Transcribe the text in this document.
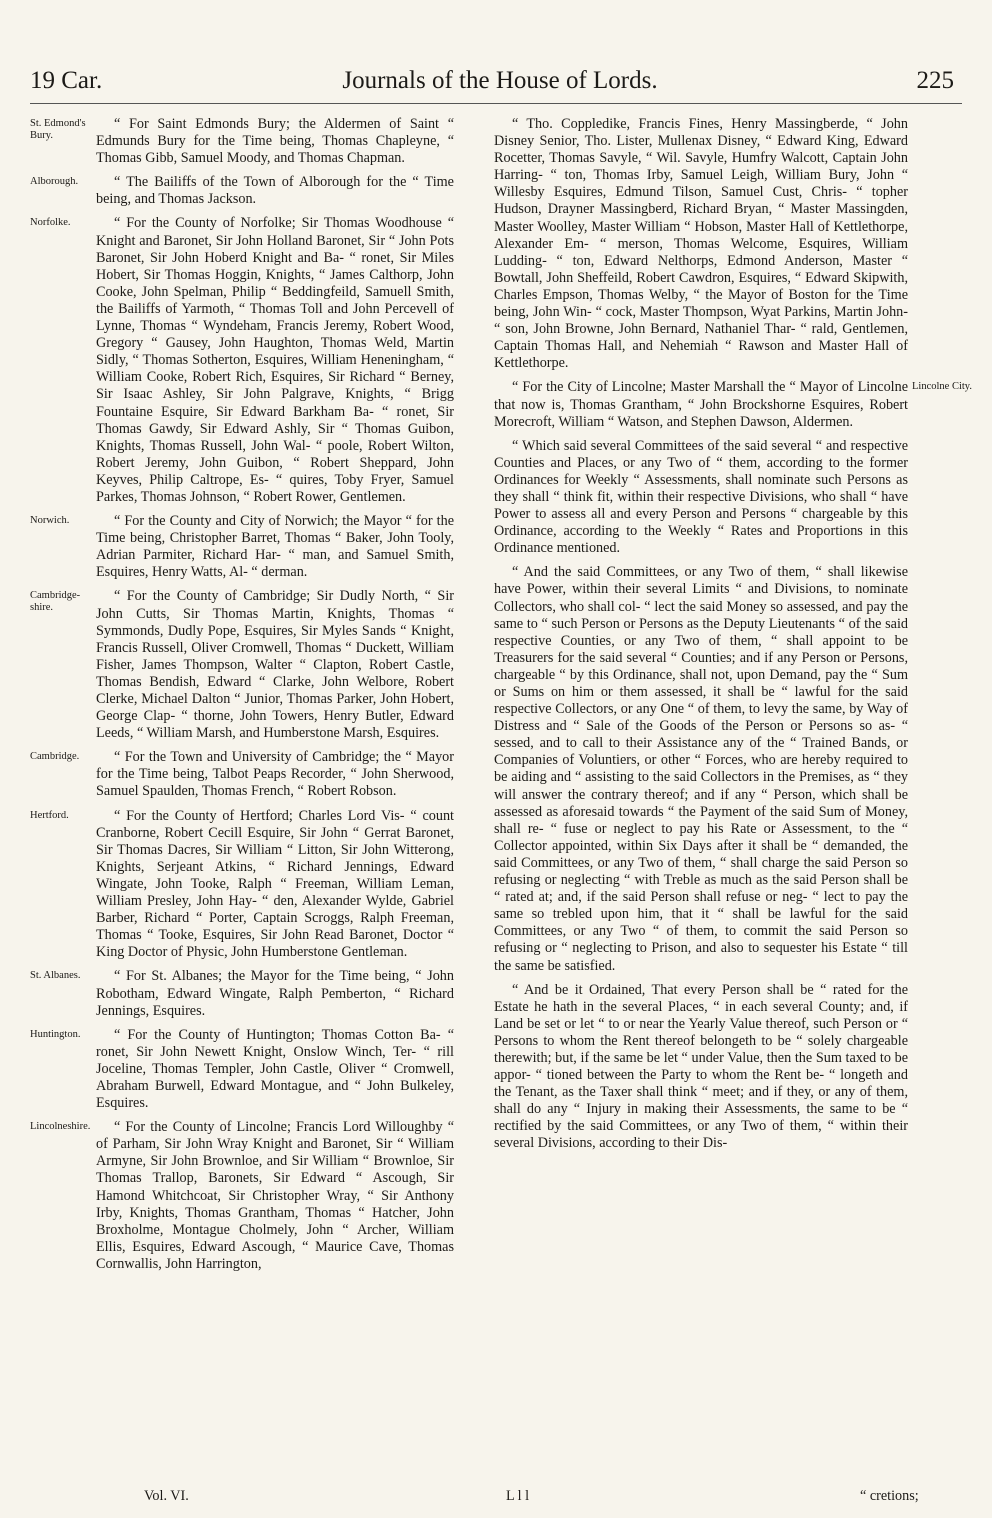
19 Car.	Journals of the House of Lords.	225
St. Edmond's Bury.
“ For Saint Edmonds Bury; the Aldermen of Saint “ Edmunds Bury for the Time being, Thomas Chapleyne, “ Thomas Gibb, Samuel Moody, and Thomas Chapman.
Alborough.	“ The Bailiffs of the Town of Alborough for the “ Time being, and Thomas Jackson.
Norfolke.	“ For the County of Norfolke; Sir Thomas Woodhouse “ Knight and Baronet, Sir John Holland Baronet, Sir “ John Pots Baronet, Sir John Hoberd Knight and Ba- “ ronet, Sir Miles Hobert, Sir Thomas Hoggin, Knights, “ James Calthorp, John Cooke, John Spelman, Philip “ Beddingfeild, Samuell Smith, the Bailiffs of Yarmoth, “ Thomas Toll and John Percevell of Lynne, Thomas “ Wyndeham, Francis Jeremy, Robert Wood, Gregory “ Gausey, John Haughton, Thomas Weld, Martin Sidly, “ Thomas Sotherton, Esquires, William Heneningham, “ William Cooke, Robert Rich, Esquires, Sir Richard “ Berney, Sir Isaac Ashley, Sir John Palgrave, Knights, “ Brigg Fountaine Esquire, Sir Edward Barkham Ba- “ ronet, Sir Thomas Gawdy, Sir Edward Ashly, Sir “ Thomas Guibon, Knights, Thomas Russell, John Wal- “ poole, Robert Wilton, Robert Jeremy, John Guibon, “ Robert Sheppard, John Keyves, Philip Caltrope, Es- “ quires, Toby Fryer, Samuel Parkes, Thomas Johnson, “ Robert Rower, Gentlemen.
Norwich.	“ For the County and City of Norwich; the Mayor “ for the Time being, Christopher Barret, Thomas “ Baker, John Tooly, Adrian Parmiter, Richard Har- “ man, and Samuel Smith, Esquires, Henry Watts, Al- “ derman.
Cambridge-shire.
“ For the County of Cambridge; Sir Dudly North, “ Sir John Cutts, Sir Thomas Martin, Knights, Thomas “ Symmonds, Dudly Pope, Esquires, Sir Myles Sands “ Knight, Francis Russell, Oliver Cromwell, Thomas “ Duckett, William Fisher, James Thompson, Walter “ Clapton, Robert Castle, Thomas Bendish, Edward “ Clarke, John Welbore, Robert Clerke, Michael Dalton “ Junior, Thomas Parker, John Hobert, George Clap- “ thorne, John Towers, Henry Butler, Edward Leeds, “ William Marsh, and Humberstone Marsh, Esquires.
Cambridge.	“ For the Town and University of Cambridge; the “ Mayor for the Time being, Talbot Peaps Recorder, “ John Sherwood, Samuel Spaulden, Thomas French, “ Robert Robson.
Hertford.	“ For the County of Hertford; Charles Lord Vis- “ count Cranborne, Robert Cecill Esquire, Sir John “ Gerrat Baronet, Sir Thomas Dacres, Sir William “ Litton, Sir John Witterong, Knights, Serjeant Atkins, “ Richard Jennings, Edward Wingate, John Tooke, Ralph “ Freeman, William Leman, William Presley, John Hay- “ den, Alexander Wylde, Gabriel Barber, Richard “ Porter, Captain Scroggs, Ralph Freeman, Thomas “ Tooke, Esquires, Sir John Read Baronet, Doctor “ King Doctor of Physic, John Humberstone Gentleman.
St. Albanes.	“ For St. Albanes; the Mayor for the Time being, “ John Robotham, Edward Wingate, Ralph Pemberton, “ Richard Jennings, Esquires.
Huntington.	“ For the County of Huntington; Thomas Cotton Ba- “ ronet, Sir John Newett Knight, Onslow Winch, Ter- “ rill Joceline, Thomas Templer, John Castle, Oliver “ Cromwell, Abraham Burwell, Edward Montague, and “ John Bulkeley, Esquires.
Lincolneshire. “ For the County of Lincolne; Francis Lord Willoughby “ of Parham, Sir John Wray Knight and Baronet, Sir “ William Armyne, Sir John Brownloe, and Sir William “ Brownloe, Sir Thomas Trallop, Baronets, Sir Edward “ Ascough, Sir Hamond Whitchcoat, Sir Christopher Wray, “ Sir Anthony Irby, Knights, Thomas Grantham, Thomas “ Hatcher, John Broxholme, Montague Cholmely, John “ Archer, William Ellis, Esquires, Edward Ascough, “ Maurice Cave, Thomas Cornwallis, John Harrington,
“ Tho. Coppledike, Francis Fines, Henry Massingberde, “ John Disney Senior, Tho. Lister, Mullenax Disney, “ Edward King, Edward Rocetter, Thomas Savyle, “ Wil. Savyle, Humfry Walcott, Captain John Harring- “ ton, Thomas Irby, Samuel Leigh, William Bury, John “ Willesby Esquires, Edmund Tilson, Samuel Cust, Chris- “ topher Hudson, Drayner Massingberd, Richard Bryan, “ Master Massingden, Master Woolley, Master William “ Hobson, Master Hall of Kettlethorpe, Alexander Em- “ merson, Thomas Welcome, Esquires, William Ludding- “ ton, Edward Nelthorps, Edmond Anderson, Master “ Bowtall, John Sheffeild, Robert Cawdron, Esquires, “ Edward Skipwith, Charles Empson, Thomas Welby, “ the Mayor of Boston for the Time being, John Win- “ cock, Master Thompson, Wyat Parkins, Martin John- “ son, John Browne, John Bernard, Nathaniel Thar- “ rald, Gentlemen, Captain Thomas Hall, and Nehemiah “ Rawson and Master Hall of Kettlethorpe.
Lincolne City.
“ For the City of Lincolne; Master Marshall the “ Mayor of Lincolne that now is, Thomas Grantham, “ John Brockshorne Esquires, Robert Morecroft, William “ Watson, and Stephen Dawson, Aldermen.
“ Which said several Committees of the said several “ and respective Counties and Places, or any Two of “ them, according to the former Ordinances for Weekly “ Assessments, shall nominate such Persons as they shall “ think fit, within their respective Divisions, who shall “ have Power to assess all and every Person and Persons “ chargeable by this Ordinance, according to the Weekly “ Rates and Proportions in this Ordinance mentioned.
“ And the said Committees, or any Two of them, “ shall likewise have Power, within their several Limits “ and Divisions, to nominate Collectors, who shall col- “ lect the said Money so assessed, and pay the same to “ such Person or Persons as the Deputy Lieutenants “ of the said respective Counties, or any Two of them, “ shall appoint to be Treasurers for the said several “ Counties; and if any Person or Persons, chargeable “ by this Ordinance, shall not, upon Demand, pay the “ Sum or Sums on him or them assessed, it shall be “ lawful for the said respective Collectors, or any One “ of them, to levy the same, by Way of Distress and “ Sale of the Goods of the Person or Persons so as- “ sessed, and to call to their Assistance any of the “ Trained Bands, or Companies of Voluntiers, or other “ Forces, who are hereby required to be aiding and “ assisting to the said Collectors in the Premises, as “ they will answer the contrary thereof; and if any “ Person, which shall be assessed as aforesaid towards “ the Payment of the said Sum of Money, shall re- “ fuse or neglect to pay his Rate or Assessment, to the “ Collector appointed, within Six Days after it shall be “ demanded, the said Committees, or any Two of them, “ shall charge the said Person so refusing or neglecting “ with Treble as much as the said Person shall be “ rated at; and, if the said Person shall refuse or neg- “ lect to pay the same so trebled upon him, that it “ shall be lawful for the said Committees, or any Two “ of them, to commit the said Person so refusing or “ neglecting to Prison, and also to sequester his Estate “ till the same be satisfied.
“ And be it Ordained, That every Person shall be “ rated for the Estate he hath in the several Places, “ in each several County; and, if Land be set or let “ to or near the Yearly Value thereof, such Person or “ Persons to whom the Rent thereof belongeth to be “ solely chargeable therewith; but, if the same be let “ under Value, then the Sum taxed to be appor- “ tioned between the Party to whom the Rent be- “ longeth and the Tenant, as the Taxer shall think “ meet; and if they, or any of them, shall do any “ Injury in making their Assessments, the same to be “ rectified by the said Committees, or any Two of them, “ within their several Divisions, according to their Dis-
Vol. VI.	L l l	“ cretions;
